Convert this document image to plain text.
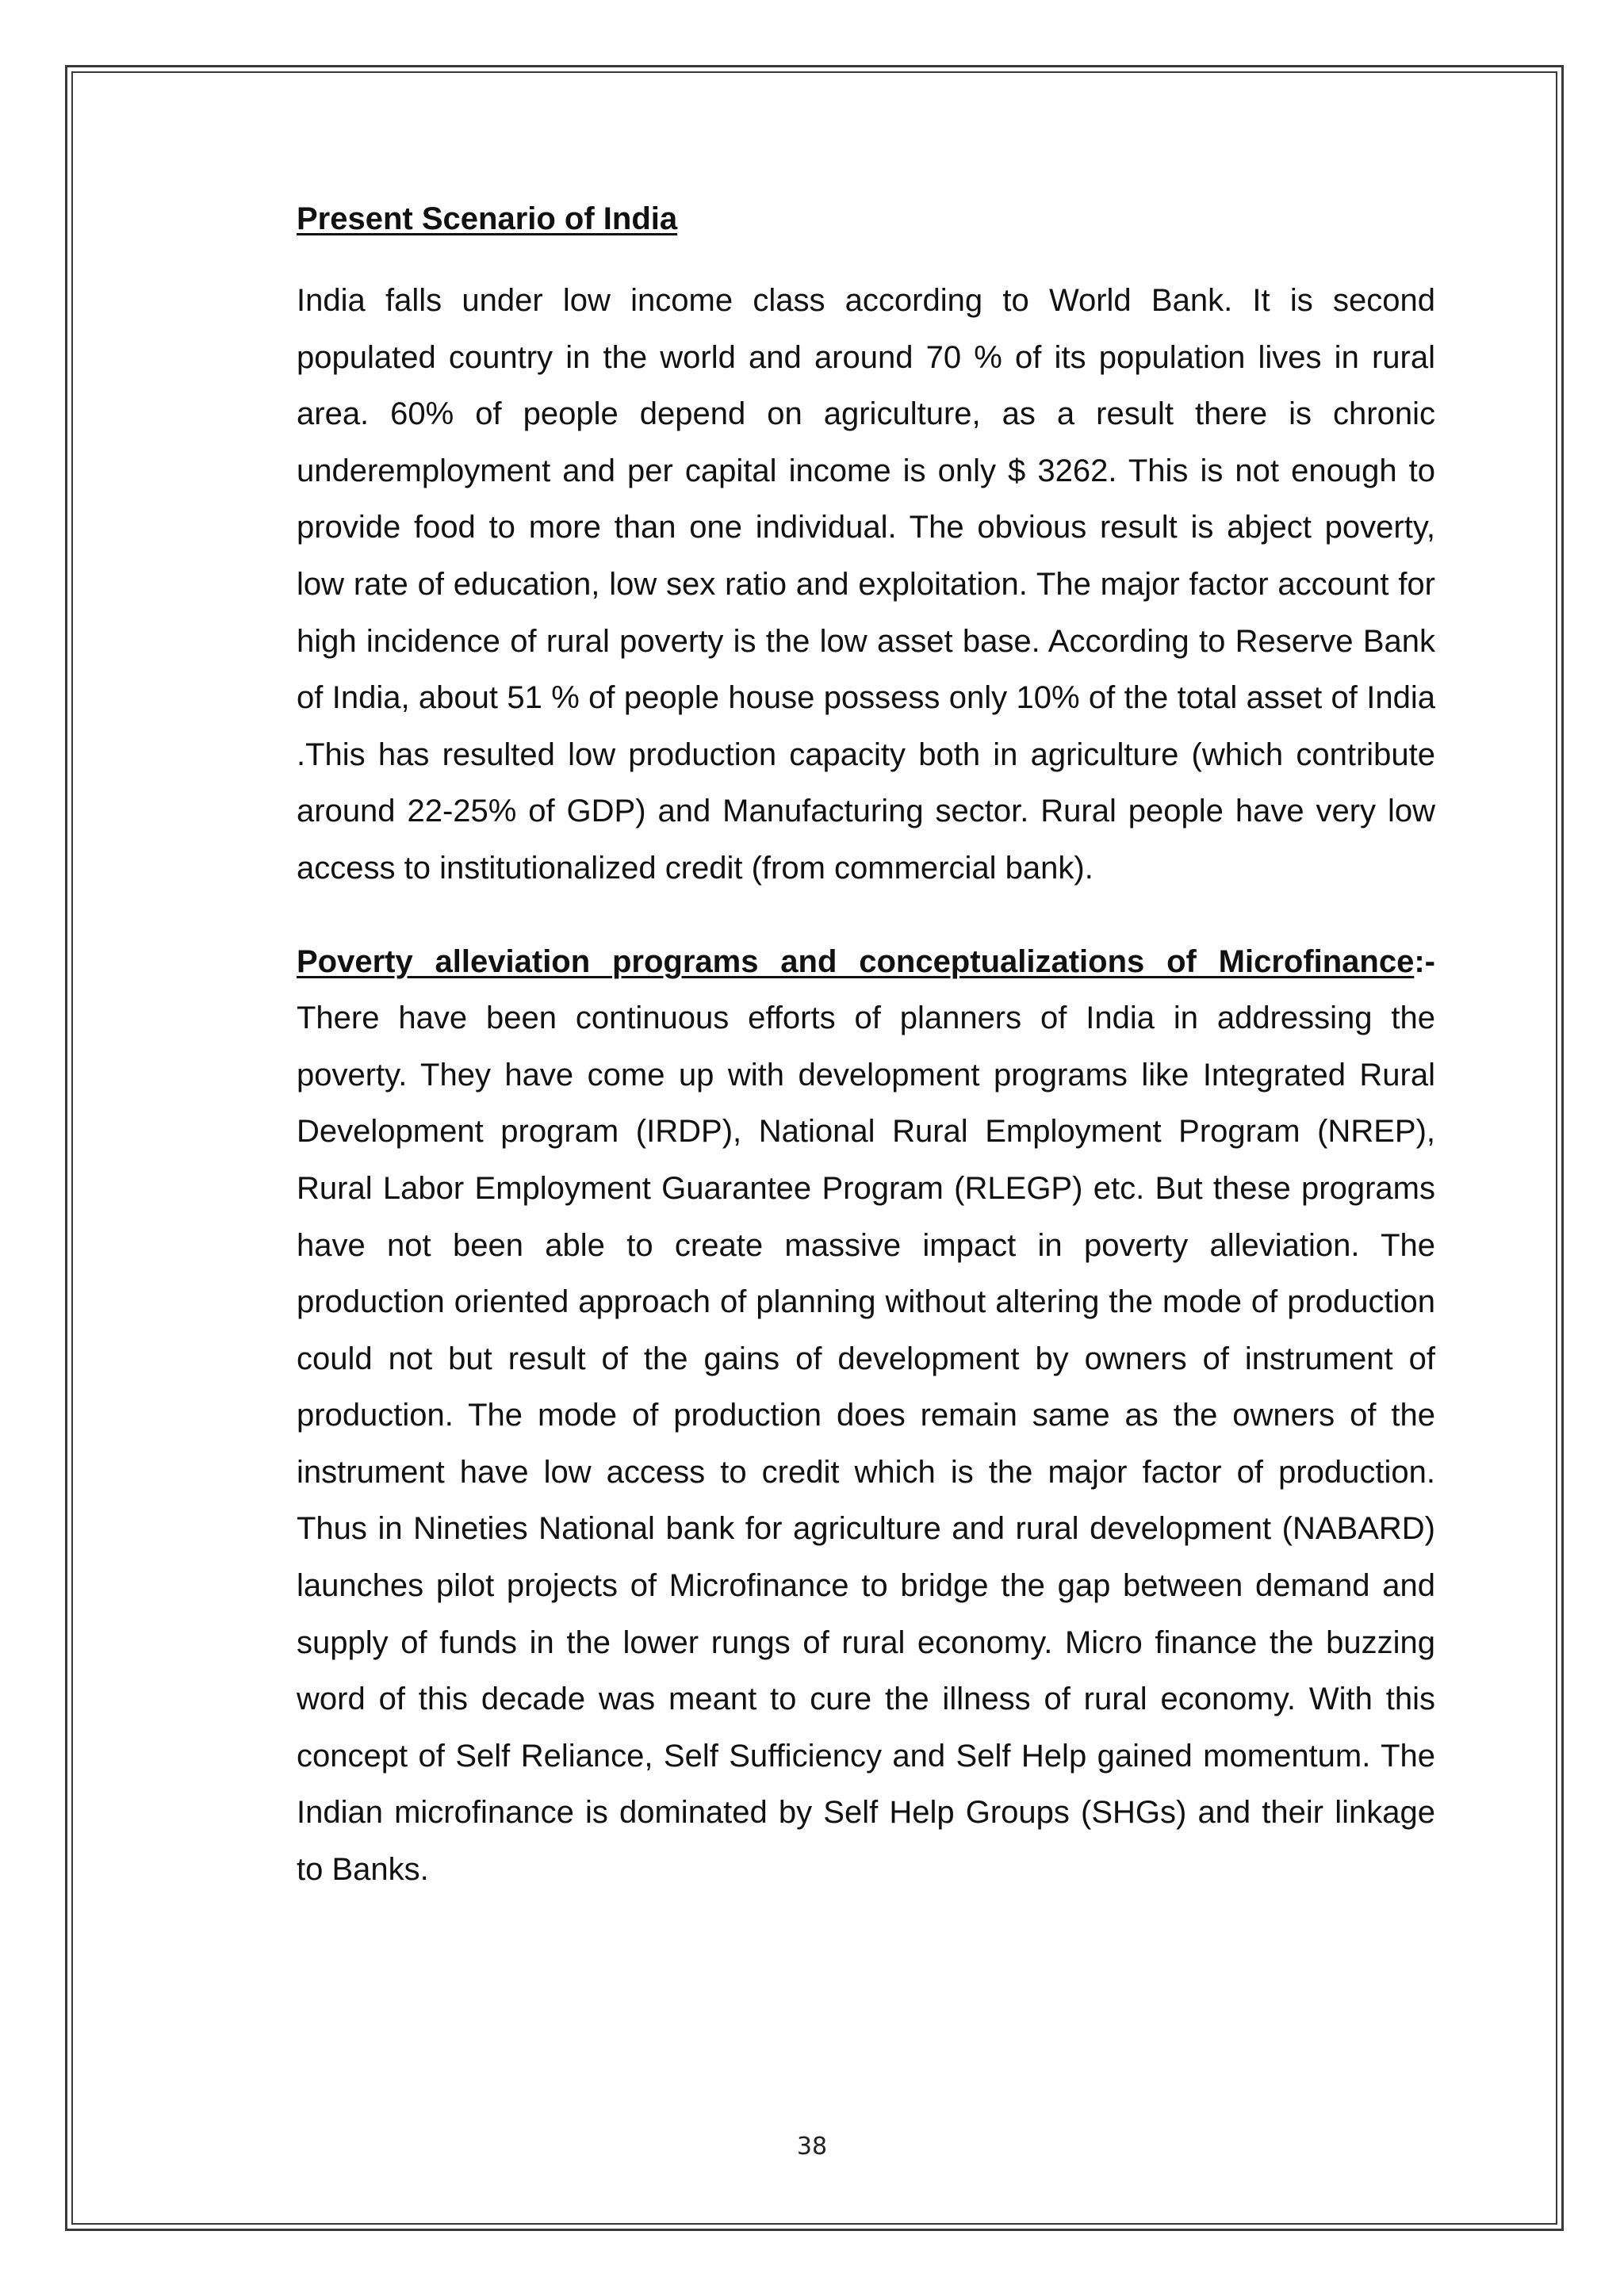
Present Scenario of India

India falls under low income class according to World Bank. It is second populated country in the world and around 70 % of its population lives in rural area. 60% of people depend on agriculture, as a result there is chronic underemployment and per capital income is only $ 3262. This is not enough to provide food to more than one individual. The obvious result is abject poverty, low rate of education, low sex ratio and exploitation. The major factor account for high incidence of rural poverty is the low asset base. According to Reserve Bank of India, about 51 % of people house possess only 10% of the total asset of India .This has resulted low production capacity both in agriculture (which contribute around 22-25% of GDP) and Manufacturing sector. Rural people have very low access to institutionalized credit (from commercial bank).

Poverty alleviation programs and conceptualizations of Microfinance:-

There have been continuous efforts of planners of India in addressing the poverty. They have come up with development programs like Integrated Rural Development program (IRDP), National Rural Employment Program (NREP), Rural Labor Employment Guarantee Program (RLEGP) etc. But these programs have not been able to create massive impact in poverty alleviation. The production oriented approach of planning without altering the mode of production could not but result of the gains of development by owners of instrument of production. The mode of production does remain same as the owners of the instrument have low access to credit which is the major factor of production. Thus in Nineties National bank for agriculture and rural development (NABARD) launches pilot projects of Microfinance to bridge the gap between demand and supply of funds in the lower rungs of rural economy. Micro finance the buzzing word of this decade was meant to cure the illness of rural economy. With this concept of Self Reliance, Self Sufficiency and Self Help gained momentum. The Indian microfinance is dominated by Self Help Groups (SHGs) and their linkage to Banks.

38
